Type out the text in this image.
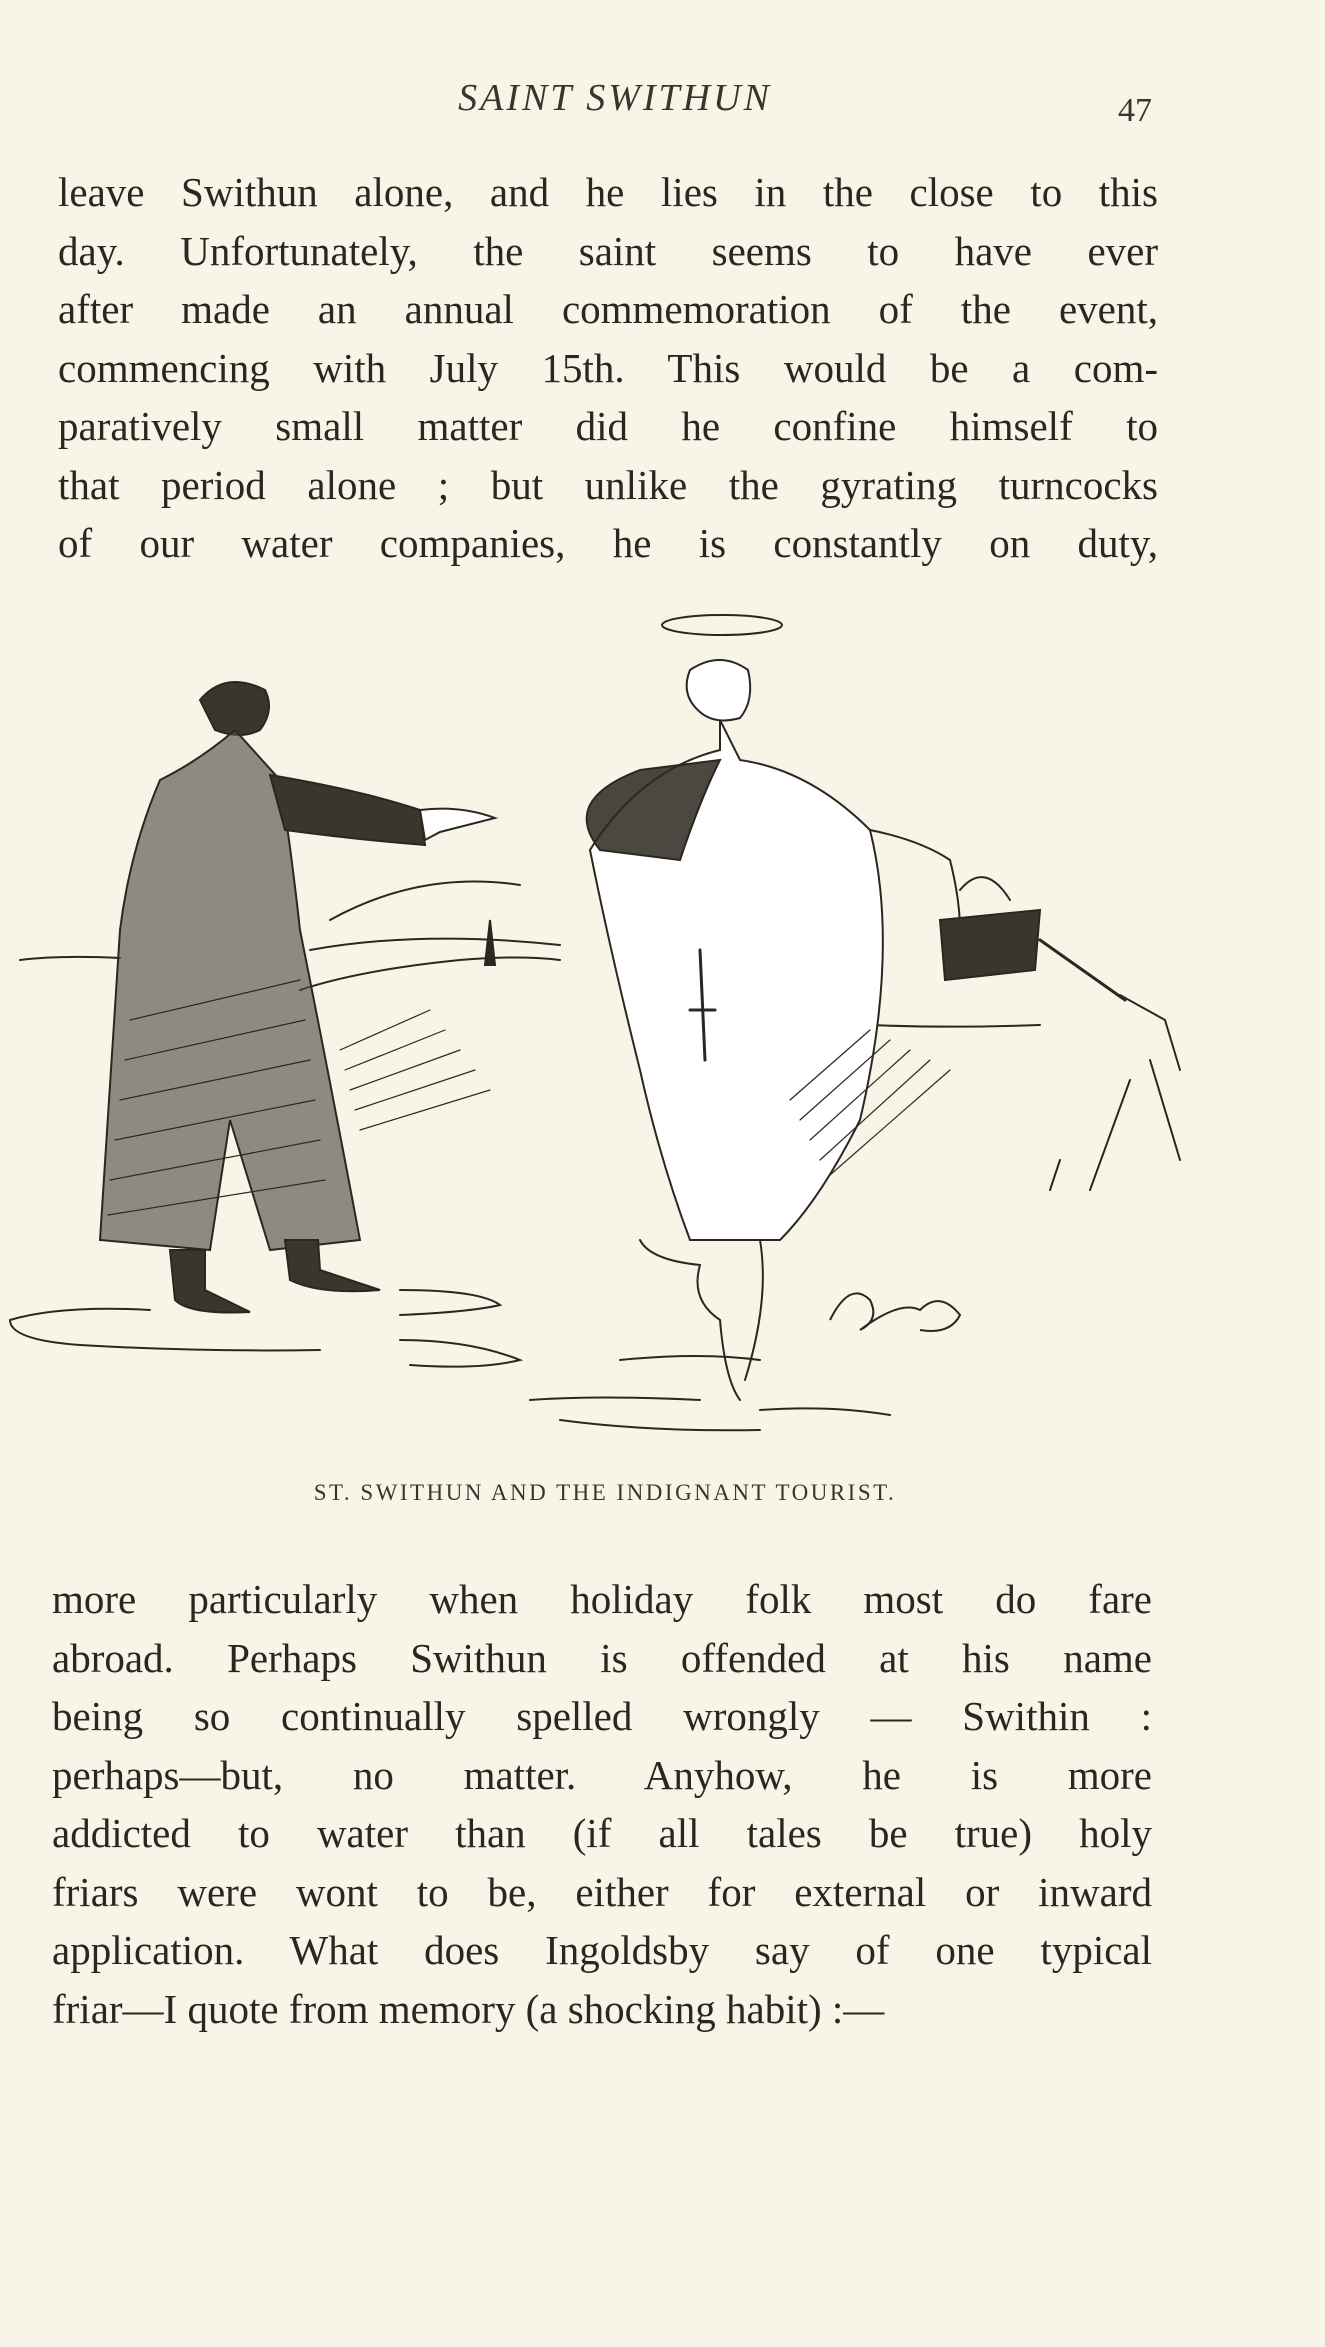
SAINT SWITHUN	47

leave Swithun alone, and he lies in the close to this
day. Unfortunately, the saint seems to have ever
after made an annual commemoration of the event,
commencing with July 15th. This would be a com-
paratively small matter did he confine himself to
that period alone ; but unlike the gyrating turncocks
of our water companies, he is constantly on duty,

ST. SWITHUN AND THE INDIGNANT TOURIST.

more particularly when holiday folk most do fare
abroad. Perhaps Swithun is offended at his name
being so continually spelled wrongly — Swithin :
perhaps—but, no matter. Anyhow, he is more
addicted to water than (if all tales be true) holy
friars were wont to be, either for external or inward
application. What does Ingoldsby say of one typical
friar—I quote from memory (a shocking habit) :—
